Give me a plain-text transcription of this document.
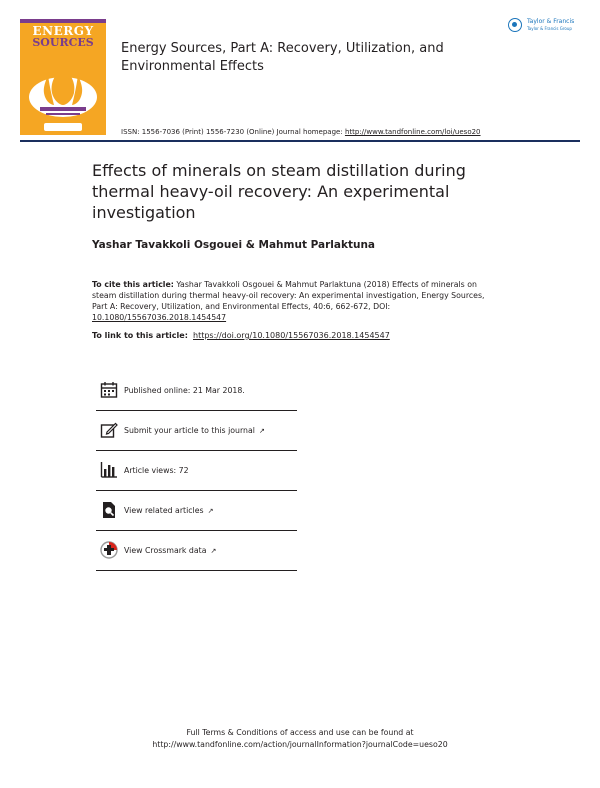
ENERGY
SOURCES	Energy Sources, Part A: Recovery, Utilization, and Environmental Effects
Taylor & Francis
Taylor & Francis Group
ISSN: 1556-7036 (Print) 1556-7230 (Online) Journal homepage: http://www.tandfonline.com/loi/ueso20
Effects of minerals on steam distillation during thermal heavy-oil recovery: An experimental investigation
Yashar Tavakkoli Osgouei & Mahmut Parlaktuna
To cite this article: Yashar Tavakkoli Osgouei & Mahmut Parlaktuna (2018) Effects of minerals on steam distillation during thermal heavy-oil recovery: An experimental investigation, Energy Sources, Part A: Recovery, Utilization, and Environmental Effects, 40:6, 662-672, DOI: 10.1080/15567036.2018.1454547
To link to this article: https://doi.org/10.1080/15567036.2018.1454547
Published online: 21 Mar 2018.
Submit your article to this journal ↗
Article views: 72
View related articles ↗
View Crossmark data ↗
Full Terms & Conditions of access and use can be found at
http://www.tandfonline.com/action/journalInformation?journalCode=ueso20
